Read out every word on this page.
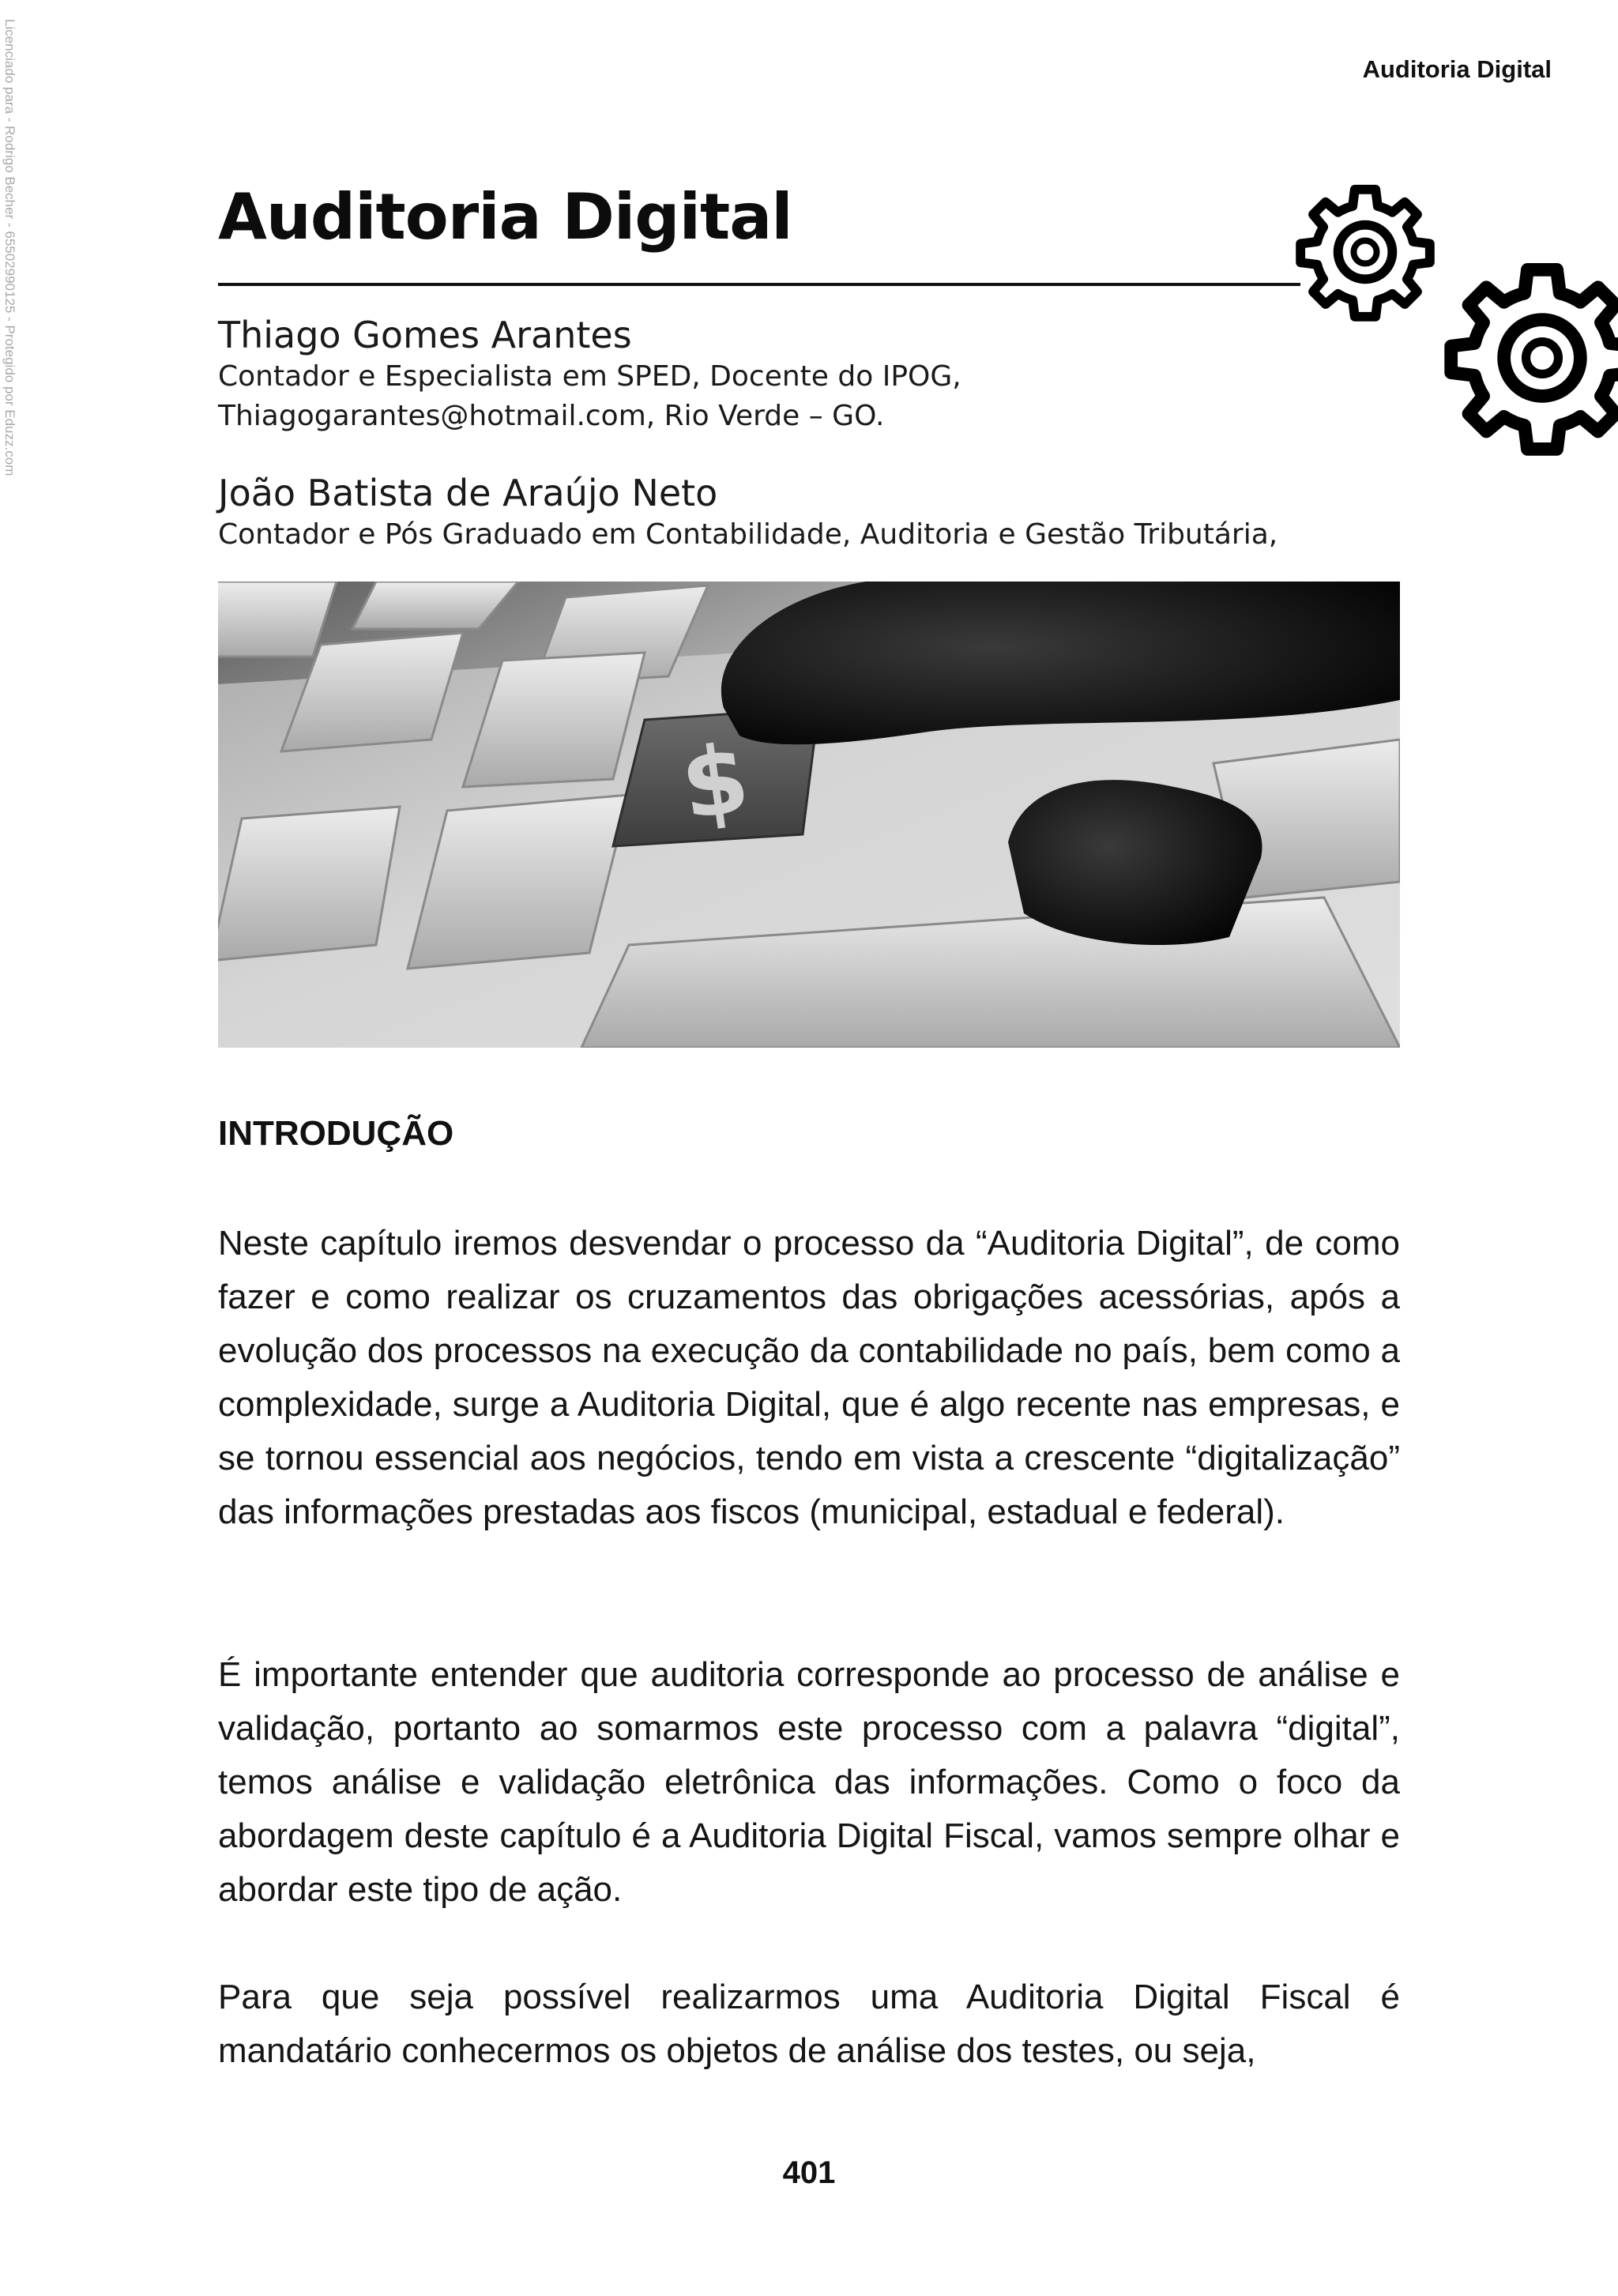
Licenciado para - Rodrigo Becher - 65502990125 - Protegido por Eduzz.com	Auditoria Digital
Auditoria Digital
Thiago Gomes Arantes
Contador e Especialista em SPED, Docente do IPOG,
Thiagogarantes@hotmail.com, Rio Verde – GO.
João Batista de Araújo Neto
Contador e Pós Graduado em Contabilidade, Auditoria e Gestão Tributária,
$
INTRODUÇÃO

Neste capítulo iremos desvendar o processo da “Auditoria Digital”, de como fazer e como realizar os cruzamentos das obrigações acessórias, após a evolução dos processos na execução da contabilidade no país, bem como a complexidade, surge a Auditoria Digital, que é algo recente nas empresas, e se tornou essencial aos negócios, tendo em vista a crescente “digitalização” das informações prestadas aos fiscos (municipal, estadual e federal).

É importante entender que auditoria corresponde ao processo de análise e validação, portanto ao somarmos este processo com a palavra “digital”, temos análise e validação eletrônica das informações. Como o foco da abordagem deste capítulo é a Auditoria Digital Fiscal, vamos sempre olhar e abordar este tipo de ação.

Para que seja possível realizarmos uma Auditoria Digital Fiscal é mandatário conhecermos os objetos de análise dos testes, ou seja,

401
